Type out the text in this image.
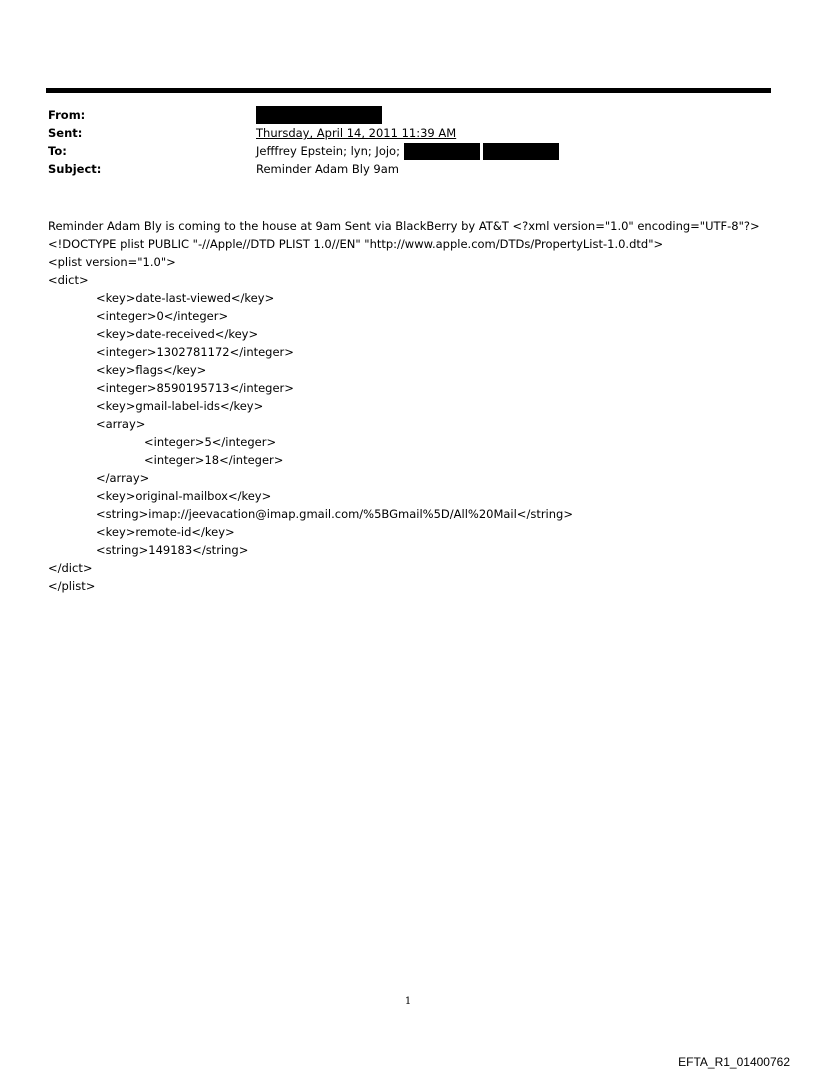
From:
Sent:	Thursday, April 14, 2011 11:39 AM
To:	Jefffrey Epstein; lyn; Jojo;
Subject:	Reminder Adam Bly 9am

Reminder Adam Bly is coming to the house at 9am Sent via BlackBerry by AT&T <?xml version="1.0" encoding="UTF-8"?> <!DOCTYPE plist PUBLIC "-//Apple//DTD PLIST 1.0//EN" "http://www.apple.com/DTDs/PropertyList-1.0.dtd">

<plist version="1.0">
<dict>
<key>date-last-viewed</key>
<integer>0</integer>
<key>date-received</key>
<integer>1302781172</integer>
<key>flags</key>
<integer>8590195713</integer>
<key>gmail-label-ids</key>
<array>
<integer>5</integer>
<integer>18</integer>
</array>
<key>original-mailbox</key>
<string>imap://jeevacation@imap.gmail.com/%5BGmail%5D/All%20Mail</string>
<key>remote-id</key>
<string>149183</string>
</dict>
</plist>
1
EFTA_R1_01400762
